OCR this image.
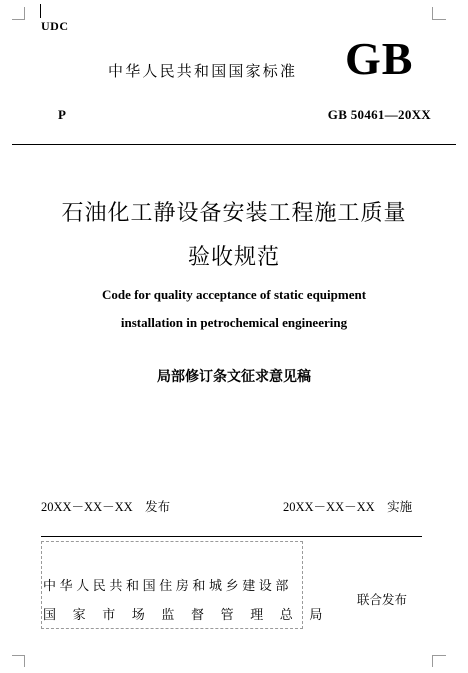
UDC
中华人民共和国国家标准 GB
P	GB 50461—20XX
石油化工静设备安装工程施工质量
验收规范
Code for quality acceptance of static equipment
installation in petrochemical engineering
局部修订条文征求意见稿
20XX－XX－XX　发布	20XX－XX－XX　实施
中华人民共和国住房和城乡建设部
国家市场监督管理总局
联合发布
